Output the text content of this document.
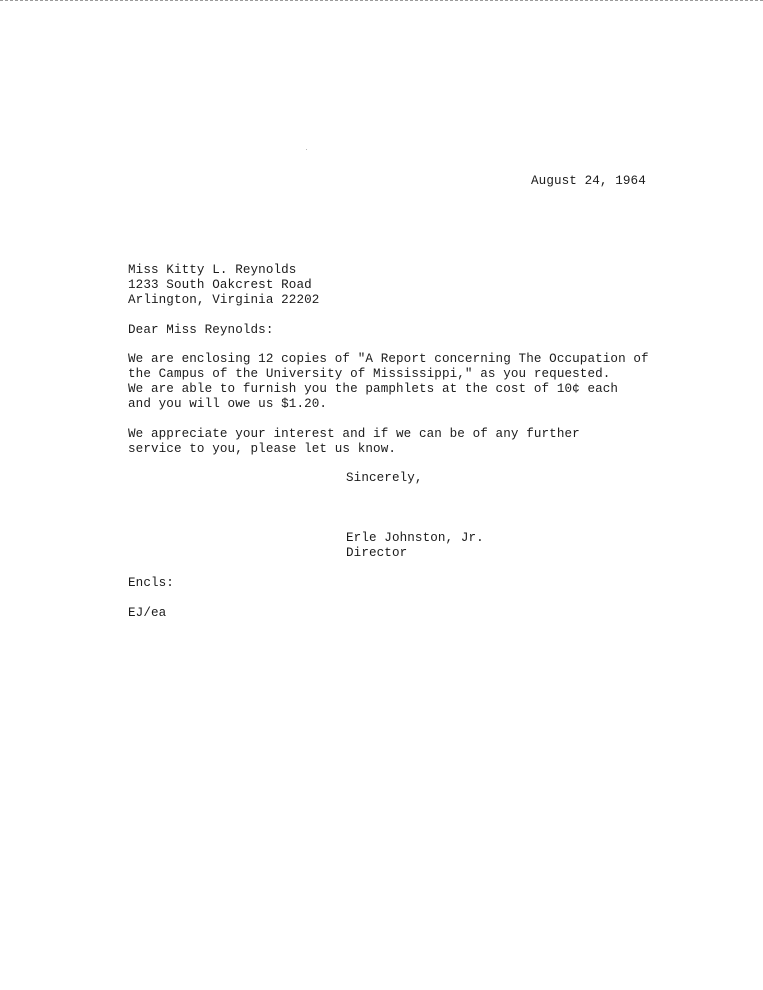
August 24, 1964
Miss Kitty L. Reynolds
1233 South Oakcrest Road
Arlington, Virginia 22202
Dear Miss Reynolds:
We are enclosing 12 copies of "A Report concerning The Occupation of
the Campus of the University of Mississippi," as you requested.
We are able to furnish you the pamphlets at the cost of 10¢ each
and you will owe us $1.20.
We appreciate your interest and if we can be of any further
service to you, please let us know.
Sincerely,
Erle Johnston, Jr.
Director
Encls:
EJ/ea
